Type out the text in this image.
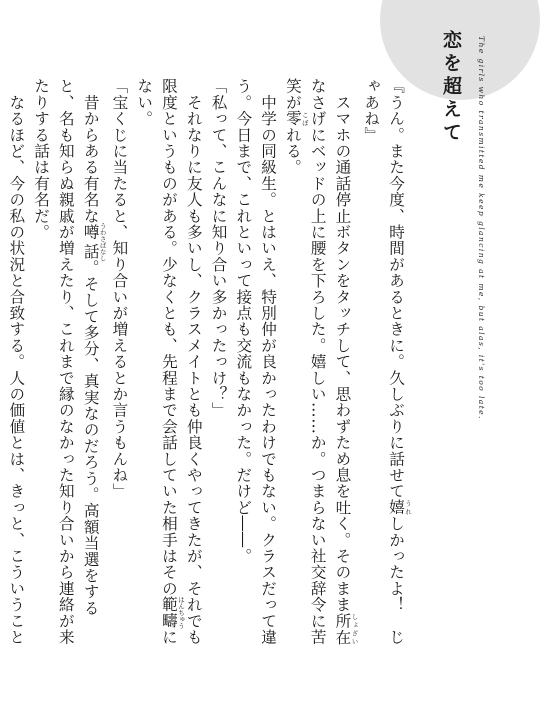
恋を超えて The girls who transmitted me keep glancing at me, but alas, it's too late.

『うん。また今度、時間があるときに。久しぶりに話せて嬉 うれしかったよ！　じゃあね』

　スマホの通話停止ボタンをタッチして、思わずため息を吐く。そのまま所在 しょざいなさげにベッドの上に腰を下ろした。嬉しい……か。つまらない社交辞令に苦笑が零 こぼれる。

　中学の同級生。とはいえ、特別仲が良かったわけでもない。クラスだって違う。今日まで、これといって接点も交流もなかった。だけど――。

「私って、こんなに知り合い多かったっけ？」

　それなりに友人も多いし、クラスメイトとも仲良くやってきたが、それでも限度というものがある。少なくとも、先程まで会話していた相手はその範疇 はんちゅうにない。

「宝くじに当たると、知り合いが増えるとか言うもんね」

　昔からある有名な噂話 うわさばなし。そして多分、真実なのだろう。高額当選をすると、名も知らぬ親戚が増えたり、これまで縁のなかった知り合いから連絡が来たりする話は有名だ。

　なるほど、今の私の状況と合致する。人の価値とは、きっと、こういうこと
